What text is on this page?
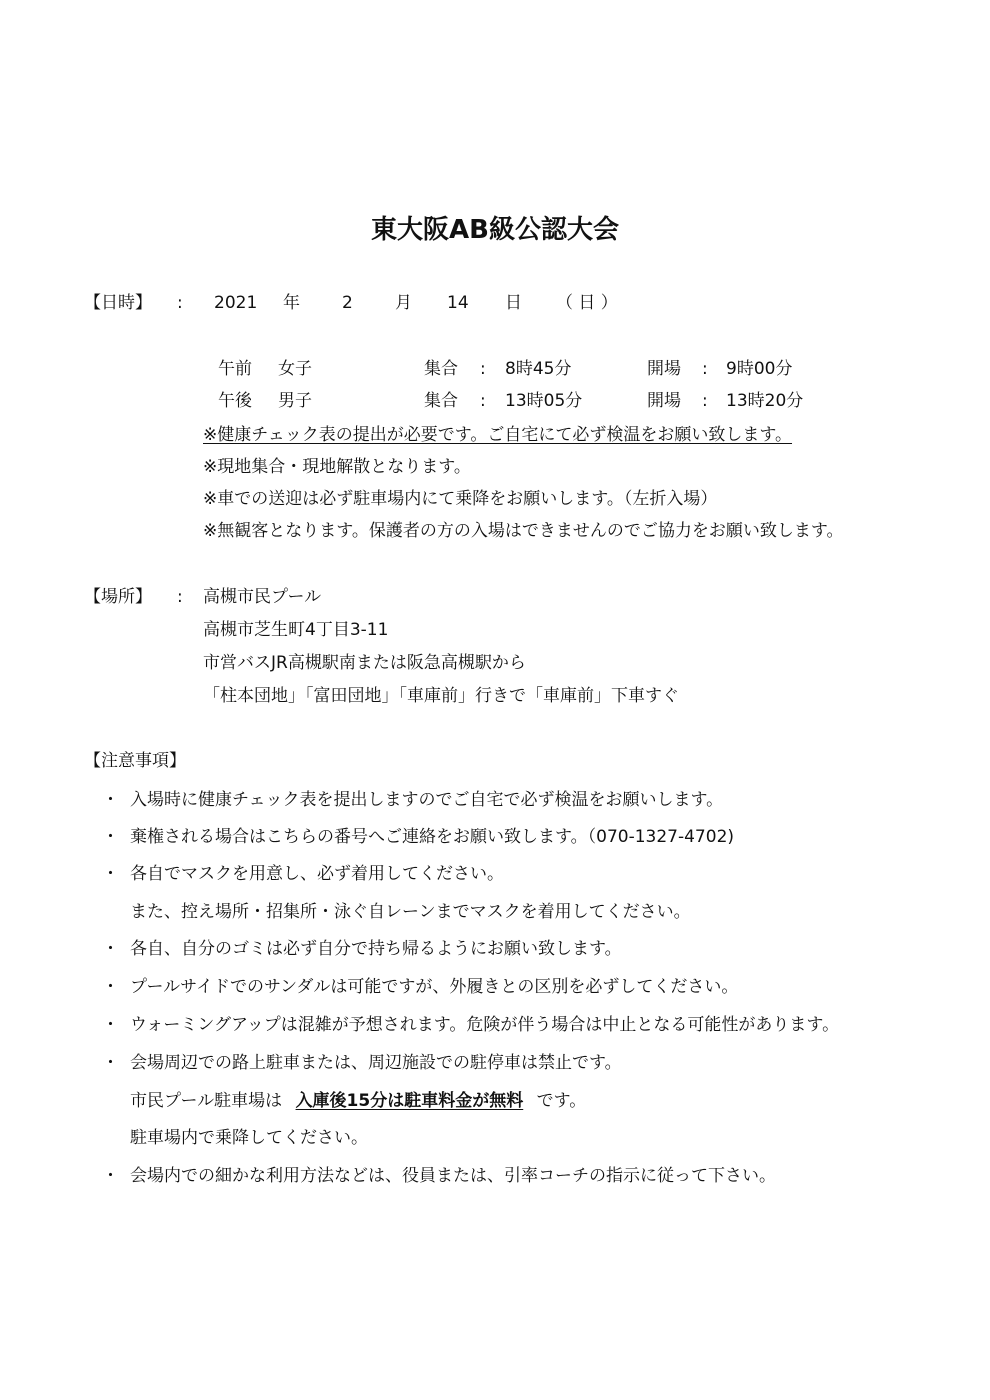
東大阪AB級公認大会
【日時】 : 2021 年 2 月 14 日 （ 日 ）
午前 女子	集合 : 8時45分	開場 : 9時00分
午後 男子	集合 : 13時05分	開場 : 13時20分
※健康チェック表の提出が必要です。ご自宅にて必ず検温をお願い致します。
※現地集合・現地解散となります。
※車での送迎は必ず駐車場内にて乗降をお願いします。（左折入場）
※無観客となります。保護者の方の入場はできませんのでご協力をお願い致します。
【場所】 : 高槻市民プール
高槻市芝生町4丁目3-11
市営バスJR高槻駅南または阪急高槻駅から
「柱本団地」「富田団地」「車庫前」行きで「車庫前」下車すぐ
【注意事項】
・ 入場時に健康チェック表を提出しますのでご自宅で必ず検温をお願いします。
・ 棄権される場合はこちらの番号へご連絡をお願い致します。（070-1327-4702)
・ 各自でマスクを用意し、必ず着用してください。
また、控え場所・招集所・泳ぐ自レーンまでマスクを着用してください。
・ 各自、自分のゴミは必ず自分で持ち帰るようにお願い致します。
・ プールサイドでのサンダルは可能ですが、外履きとの区別を必ずしてください。
・ ウォーミングアップは混雑が予想されます。危険が伴う場合は中止となる可能性があります。
・ 会場周辺での路上駐車または、周辺施設での駐停車は禁止です。
市民プール駐車場は 入庫後15分は駐車料金が無料 です。
駐車場内で乗降してください。
・ 会場内での細かな利用方法などは、役員または、引率コーチの指示に従って下さい。
